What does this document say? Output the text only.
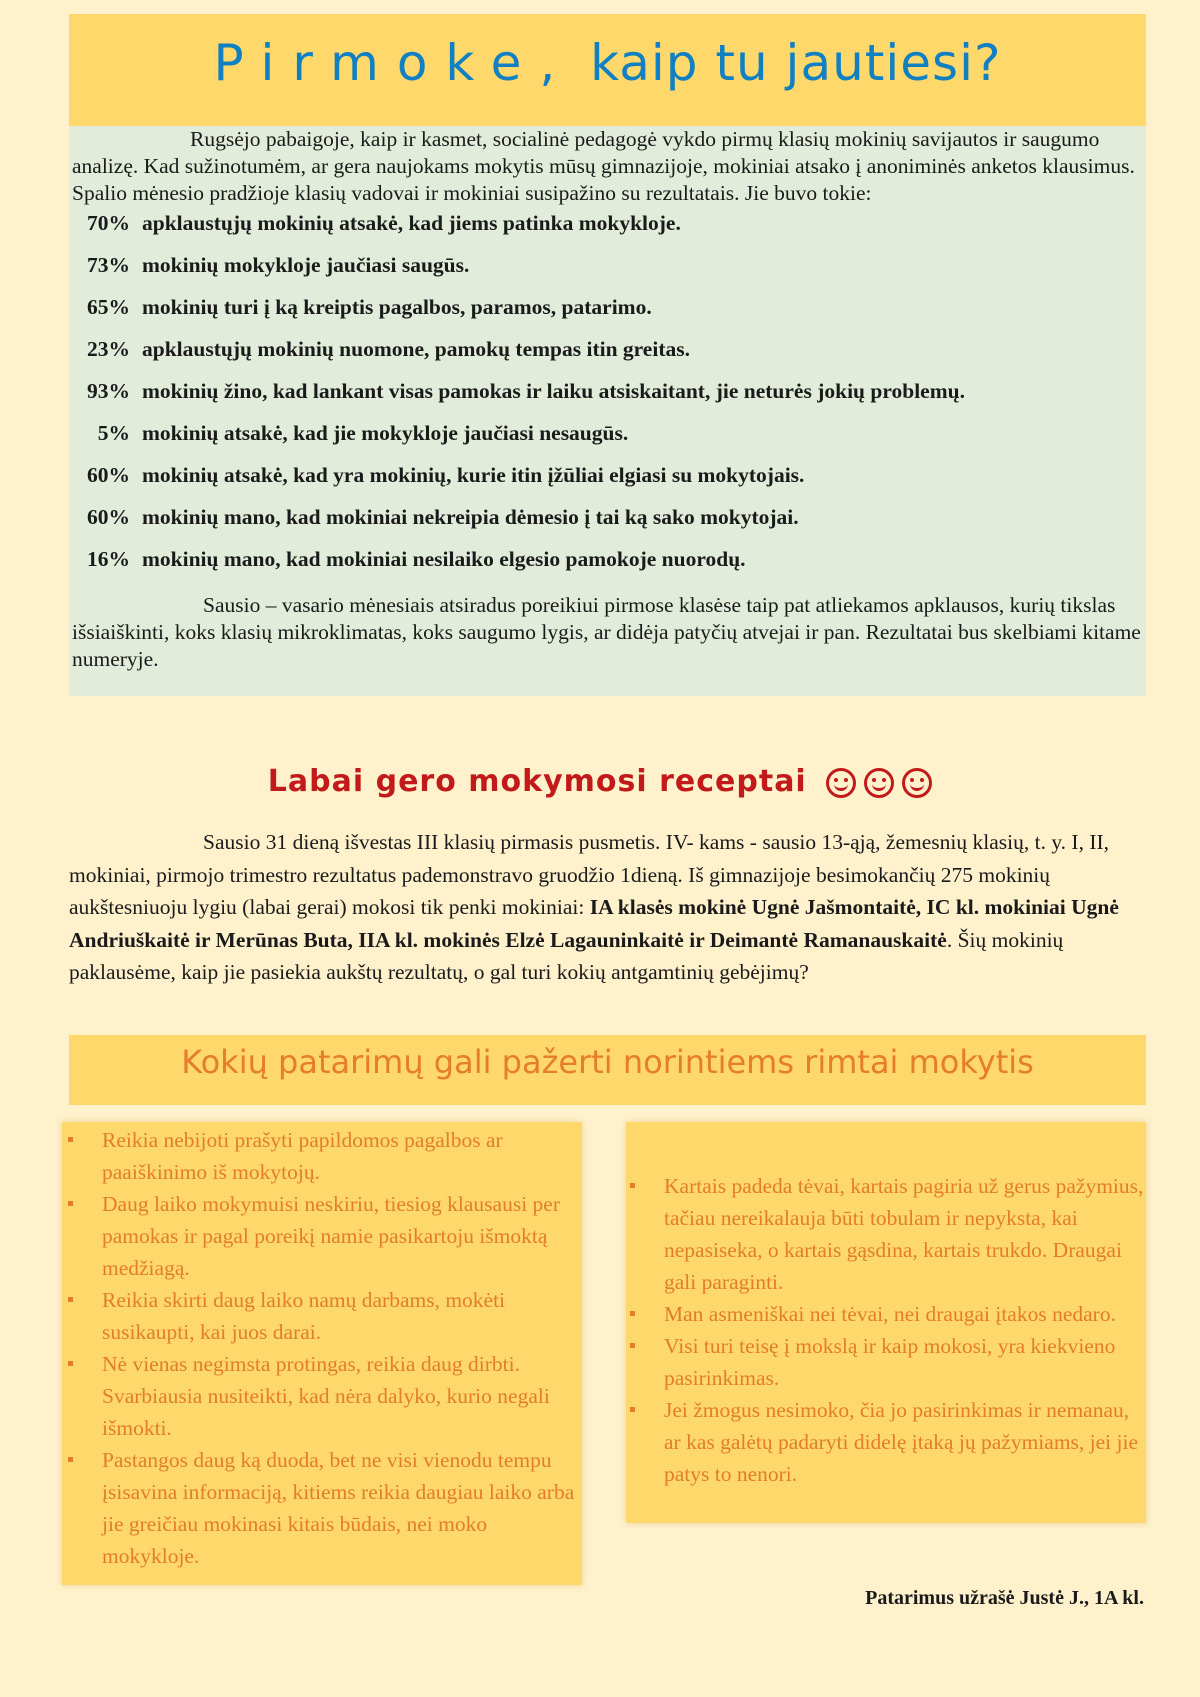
Pirmoke, kaip tu jautiesi?

Rugsėjo pabaigoje, kaip ir kasmet, socialinė pedagogė vykdo pirmų klasių mokinių savijautos ir saugumo analizę. Kad sužinotumėm, ar gera naujokams mokytis mūsų gimnazijoje, mokiniai atsako į anoniminės anketos klausimus. Spalio mėnesio pradžioje klasių vadovai ir mokiniai susipažino su rezultatais. Jie buvo tokie:

70% apklaustųjų mokinių atsakė, kad jiems patinka mokykloje.
73% mokinių mokykloje jaučiasi saugūs.
65% mokinių turi į ką kreiptis pagalbos, paramos, patarimo.
23% apklaustųjų mokinių nuomone, pamokų tempas itin greitas.
93% mokinių žino, kad lankant visas pamokas ir laiku atsiskaitant, jie neturės jokių problemų.
5% mokinių atsakė, kad jie mokykloje jaučiasi nesaugūs.
60% mokinių atsakė, kad yra mokinių, kurie itin įžūliai elgiasi su mokytojais.
60% mokinių mano, kad mokiniai nekreipia dėmesio į tai ką sako mokytojai.
16% mokinių mano, kad mokiniai nesilaiko elgesio pamokoje nuorodų.

Sausio – vasario mėnesiais atsiradus poreikiui pirmose klasėse taip pat atliekamos apklausos, kurių tikslas išsiaiškinti, koks klasių mikroklimatas, koks saugumo lygis, ar didėja patyčių atvejai ir pan. Rezultatai bus skelbiami kitame numeryje.

Labai gero mokymosi receptai

Sausio 31 dieną išvestas III klasių pirmasis pusmetis. IV- kams - sausio 13-ąją, žemesnių klasių, t. y. I, II, mokiniai, pirmojo trimestro rezultatus pademonstravo gruodžio 1dieną. Iš gimnazijoje besimokančių 275 mokinių aukštesniuoju lygiu (labai gerai) mokosi tik penki mokiniai: IA klasės mokinė Ugnė Jašmontaitė, IC kl. mokiniai Ugnė Andriuškaitė ir Merūnas Buta, IIA kl. mokinės Elzė Lagauninkaitė ir Deimantė Ramanauskaitė. Šių mokinių paklausėme, kaip jie pasiekia aukštų rezultatų, o gal turi kokių antgamtinių gebėjimų?

Kokių patarimų gali pažerti norintiems rimtai mokytis
Reikia nebijoti prašyti papildomos pagalbos ar paaiškinimo iš mokytojų.
Daug laiko mokymuisi neskiriu, tiesiog klausausi per pamokas ir pagal poreikį namie pasikartoju išmoktą medžiagą.
Reikia skirti daug laiko namų darbams, mokėti susikaupti, kai juos darai.
Nė vienas negimsta protingas, reikia daug dirbti. Svarbiausia nusiteikti, kad nėra dalyko, kurio negali išmokti.
Pastangos daug ką duoda, bet ne visi vienodu tempu įsisavina informaciją, kitiems reikia daugiau laiko arba jie greičiau mokinasi kitais būdais, nei moko mokykloje.
Kartais padeda tėvai, kartais pagiria už gerus pažymius, tačiau nereikalauja būti tobulam ir nepyksta, kai nepasiseka, o kartais gąsdina, kartais trukdo. Draugai gali paraginti.
Man asmeniškai nei tėvai, nei draugai įtakos nedaro.
Visi turi teisę į mokslą ir kaip mokosi, yra kiekvieno pasirinkimas.
Jei žmogus nesimoko, čia jo pasirinkimas ir nemanau, ar kas galėtų padaryti didelę įtaką jų pažymiams, jei jie patys to nenori.
Patarimus užrašė Justė J., 1A kl.
